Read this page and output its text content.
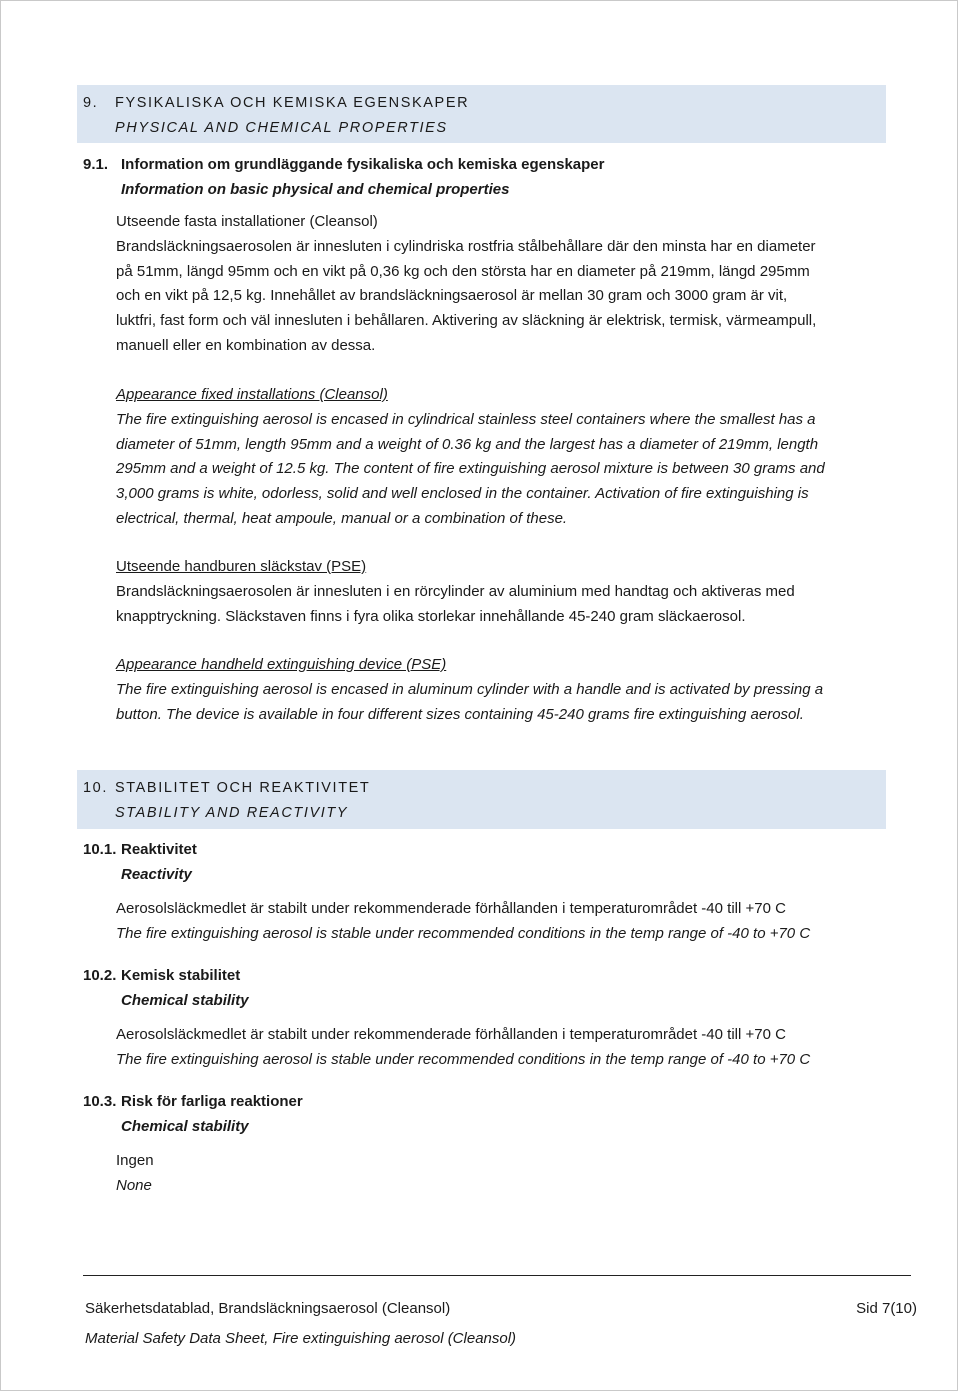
9. FYSIKALISKA OCH KEMISKA EGENSKAPER
PHYSICAL AND CHEMICAL PROPERTIES
9.1. Information om grundläggande fysikaliska och kemiska egenskaper
Information on basic physical and chemical properties

Utseende fasta installationer (Cleansol)

Brandsläckningsaerosolen är innesluten i cylindriska rostfria stålbehållare där den minsta har en diameter

på 51mm, längd 95mm och en vikt på 0,36 kg och den största har en diameter på 219mm, längd 295mm

och en vikt på 12,5 kg. Innehållet av brandsläckningsaerosol är mellan 30 gram och 3000 gram är vit,

luktfri, fast form och väl innesluten i behållaren. Aktivering av släckning är elektrisk, termisk, värmeampull,

manuell eller en kombination av dessa.

Appearance fixed installations (Cleansol)

The fire extinguishing aerosol is encased in cylindrical stainless steel containers where the smallest has a

diameter of 51mm, length 95mm and a weight of 0.36 kg and the largest has a diameter of 219mm, length

295mm and a weight of 12.5 kg. The content of fire extinguishing aerosol mixture is between 30 grams and

3,000 grams is white, odorless, solid and well enclosed in the container. Activation of fire extinguishing is

electrical, thermal, heat ampoule, manual or a combination of these.

Utseende handburen släckstav (PSE)

Brandsläckningsaerosolen är innesluten i en rörcylinder av aluminium med handtag och aktiveras med

knapptryckning. Släckstaven finns i fyra olika storlekar innehållande 45-240 gram släckaerosol.

Appearance handheld extinguishing device (PSE)

The fire extinguishing aerosol is encased in aluminum cylinder with a handle and is activated by pressing a

button. The device is available in four different sizes containing 45-240 grams fire extinguishing aerosol.

10. STABILITET OCH REAKTIVITET
STABILITY AND REACTIVITY
10.1. Reaktivitet
Reactivity

Aerosolsläckmedlet är stabilt under rekommenderade förhållanden i temperaturområdet -40 till +70 C

The fire extinguishing aerosol is stable under recommended conditions in the temp range of -40 to +70 C

10.2. Kemisk stabilitet
Chemical stability

Aerosolsläckmedlet är stabilt under rekommenderade förhållanden i temperaturområdet -40 till +70 C

The fire extinguishing aerosol is stable under recommended conditions in the temp range of -40 to +70 C

10.3. Risk för farliga reaktioner
Chemical stability

Ingen

None

Säkerhetsdatablad, Brandsläckningsaerosol (Cleansol)	Sid 7(10)
Material Safety Data Sheet, Fire extinguishing aerosol (Cleansol)
